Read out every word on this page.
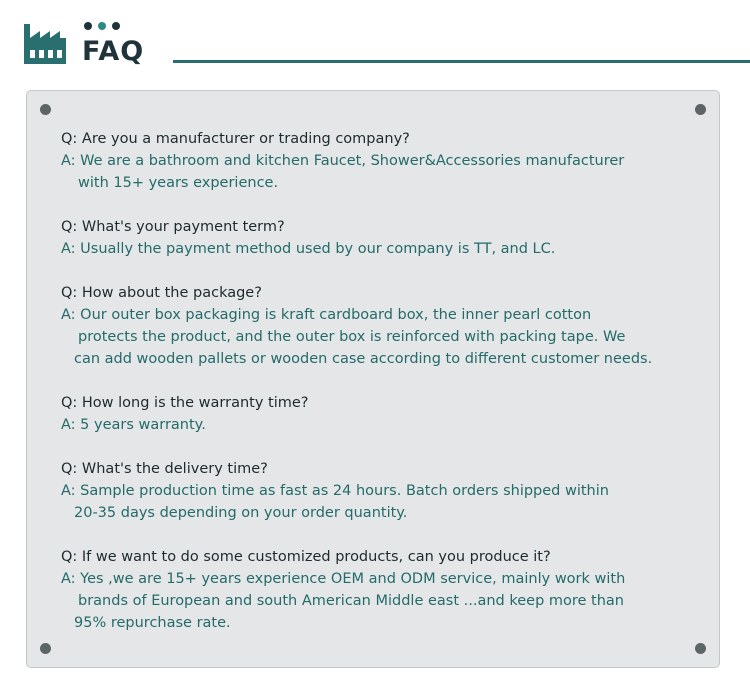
FAQ
Q: Are you a manufacturer or trading company?
A: We are a bathroom and kitchen Faucet, Shower&Accessories manufacturer
with 15+ years experience.
Q: What's your payment term?
A: Usually the payment method used by our company is TT, and LC.
Q: How about the package?
A: Our outer box packaging is kraft cardboard box, the inner pearl cotton
protects the product, and the outer box is reinforced with packing tape. We
can add wooden pallets or wooden case according to different customer needs.
Q: How long is the warranty time?
A: 5 years warranty.
Q: What's the delivery time?
A: Sample production time as fast as 24 hours. Batch orders shipped within
20-35 days depending on your order quantity.
Q: If we want to do some customized products, can you produce it?
A: Yes ,we are 15+ years experience OEM and ODM service, mainly work with
brands of European and south American Middle east ...and keep more than
95% repurchase rate.
